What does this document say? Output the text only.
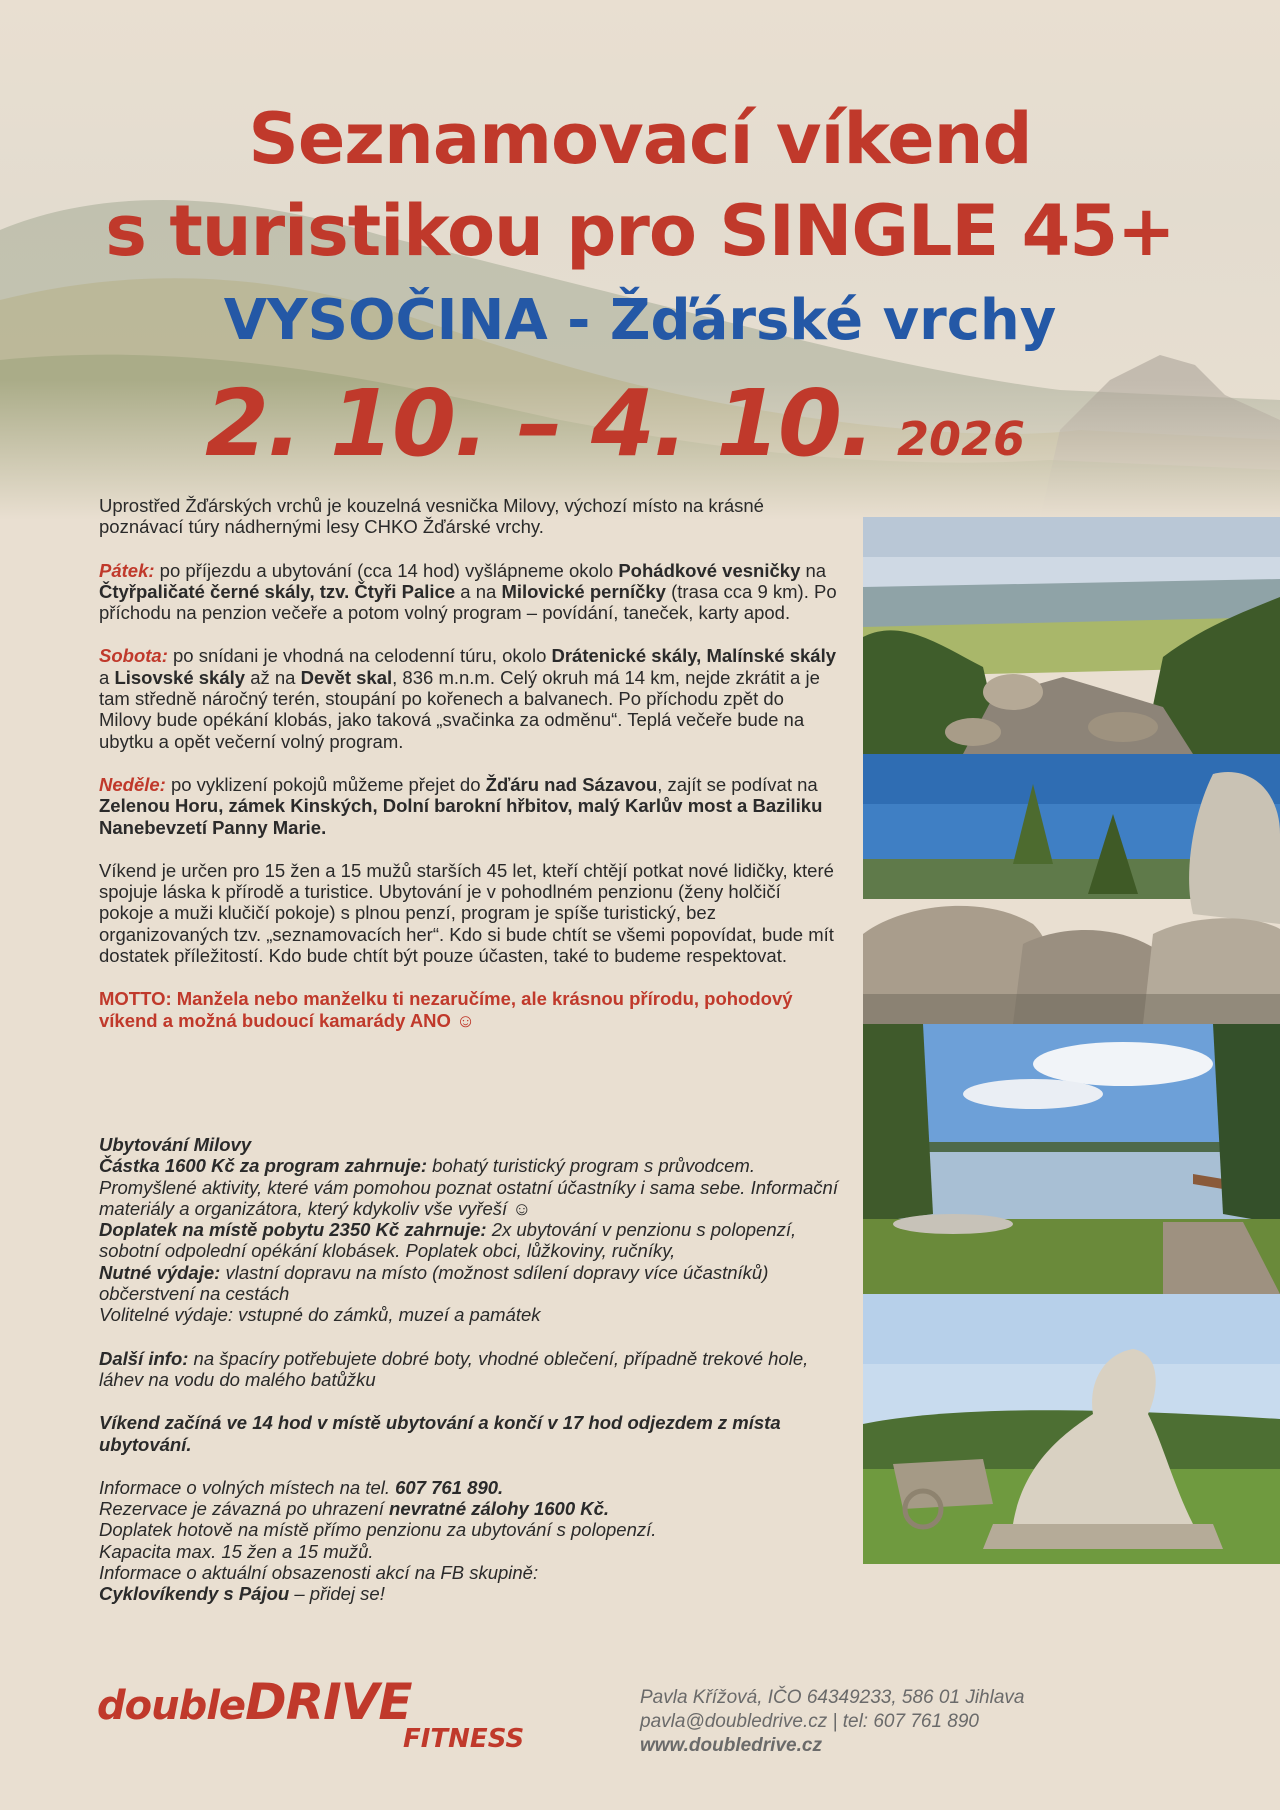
Seznamovací víkend
s turistikou pro SINGLE 45+
VYSOČINA - Žďárské vrchy
2. 10. – 4. 10. 2026

Uprostřed Žďárských vrchů je kouzelná vesnička Milovy, výchozí místo na krásné poznávací túry nádhernými lesy CHKO Žďárské vrchy.

Pátek: po příjezdu a ubytování (cca 14 hod) vyšlápneme okolo Pohádkové vesničky na Čtyřpaličaté černé skály, tzv. Čtyři Palice a na Milovické perníčky (trasa cca 9 km). Po příchodu na penzion večeře a potom volný program – povídání, taneček, karty apod.

Sobota: po snídani je vhodná na celodenní túru, okolo Drátenické skály, Malínské skály a Lisovské skály až na Devět skal, 836 m.n.m. Celý okruh má 14 km, nejde zkrátit a je tam středně náročný terén, stoupání po kořenech a balvanech. Po příchodu zpět do Milovy bude opékání klobás, jako taková „svačinka za odměnu“. Teplá večeře bude na ubytku a opět večerní volný program.

Neděle: po vyklizení pokojů můžeme přejet do Žďáru nad Sázavou, zajít se podívat na Zelenou Horu, zámek Kinských, Dolní barokní hřbitov, malý Karlův most a Baziliku Nanebevzetí Panny Marie.

Víkend je určen pro 15 žen a 15 mužů starších 45 let, kteří chtějí potkat nové lidičky, které spojuje láska k přírodě a turistice. Ubytování je v pohodlném penzionu (ženy holčičí pokoje a muži klučičí pokoje) s plnou penzí, program je spíše turistický, bez organizovaných tzv. „seznamovacích her“. Kdo si bude chtít se všemi popovídat, bude mít dostatek příležitostí. Kdo bude chtít být pouze účasten, také to budeme respektovat.

MOTTO: Manžela nebo manželku ti nezaručíme, ale krásnou přírodu, pohodový víkend a možná budoucí kamarády ANO ☺

Ubytování Milovy
Částka 1600 Kč za program zahrnuje: bohatý turistický program s průvodcem. Promyšlené aktivity, které vám pomohou poznat ostatní účastníky i sama sebe. Informační materiály a organizátora, který kdykoliv vše vyřeší ☺
Doplatek na místě pobytu 2350 Kč zahrnuje: 2x ubytování v penzionu s polopenzí, sobotní odpolední opékání klobásek. Poplatek obci, lůžkoviny, ručníky,
Nutné výdaje: vlastní dopravu na místo (možnost sdílení dopravy více účastníků)
občerstvení na cestách
Volitelné výdaje: vstupné do zámků, muzeí a památek

Další info: na špacíry potřebujete dobré boty, vhodné oblečení, případně trekové hole, láhev na vodu do malého batůžku

Víkend začíná ve 14 hod v místě ubytování a končí v 17 hod odjezdem z místa ubytování.

Informace o volných místech na tel. 607 761 890.
Rezervace je závazná po uhrazení nevratné zálohy 1600 Kč.
Doplatek hotově na místě přímo penzionu za ubytování s polopenzí.
Kapacita max. 15 žen a 15 mužů.
Informace o aktuální obsazenosti akcí na FB skupině:
Cyklovíkendy s Pájou – přidej se!

doubleDRIVE
FITNESS
Pavla Křížová, IČO 64349233, 586 01 Jihlava
pavla@doubledrive.cz | tel: 607 761 890
www.doubledrive.cz
